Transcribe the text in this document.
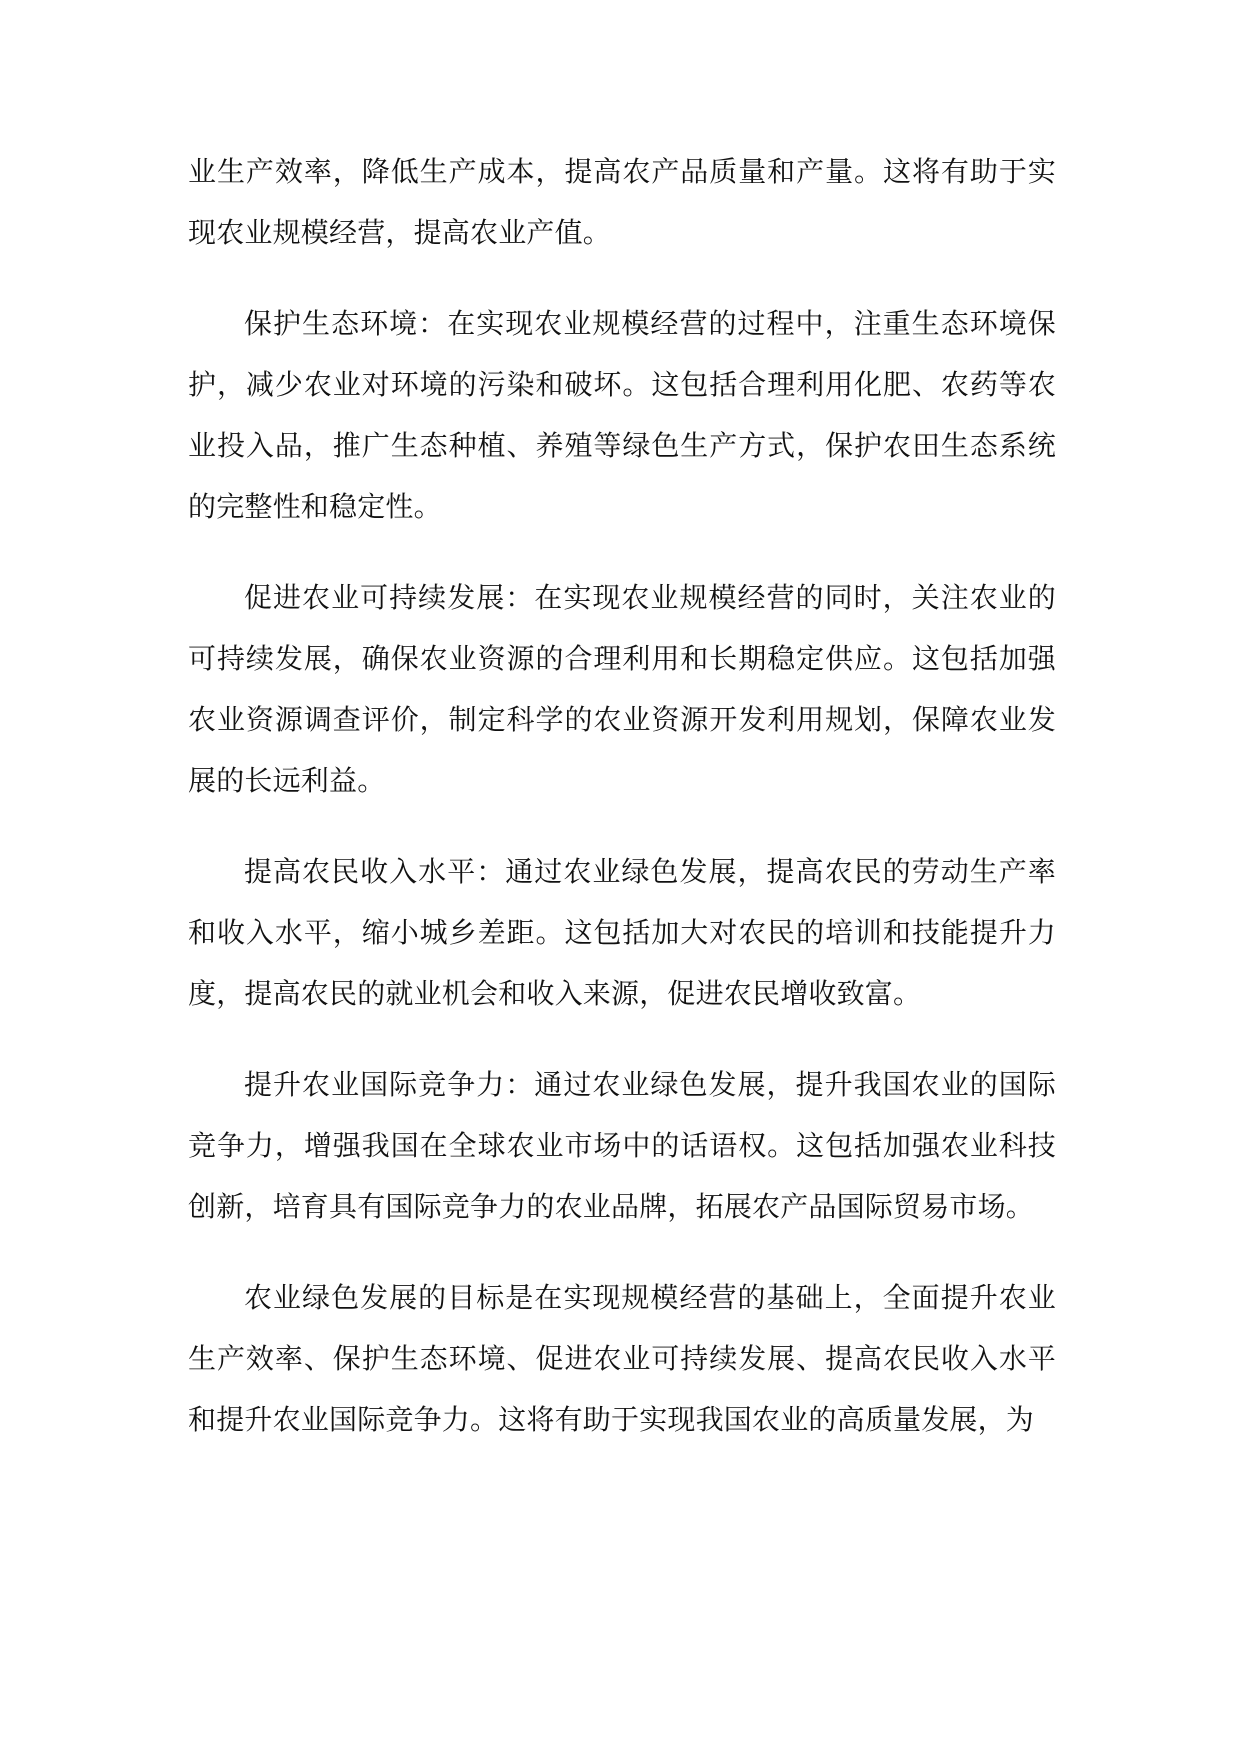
业生产效率，降低生产成本，提高农产品质量和产量。这将有助于实现农业规模经营，提高农业产值。

保护生态环境：在实现农业规模经营的过程中，注重生态环境保护，减少农业对环境的污染和破坏。这包括合理利用化肥、农药等农业投入品，推广生态种植、养殖等绿色生产方式，保护农田生态系统的完整性和稳定性。

促进农业可持续发展：在实现农业规模经营的同时，关注农业的可持续发展，确保农业资源的合理利用和长期稳定供应。这包括加强农业资源调查评价，制定科学的农业资源开发利用规划，保障农业发展的长远利益。

提高农民收入水平：通过农业绿色发展，提高农民的劳动生产率和收入水平，缩小城乡差距。这包括加大对农民的培训和技能提升力度，提高农民的就业机会和收入来源，促进农民增收致富。

提升农业国际竞争力：通过农业绿色发展，提升我国农业的国际竞争力，增强我国在全球农业市场中的话语权。这包括加强农业科技创新，培育具有国际竞争力的农业品牌，拓展农产品国际贸易市场。

农业绿色发展的目标是在实现规模经营的基础上，全面提升农业生产效率、保护生态环境、促进农业可持续发展、提高农民收入水平和提升农业国际竞争力。这将有助于实现我国农业的高质量发展，为
